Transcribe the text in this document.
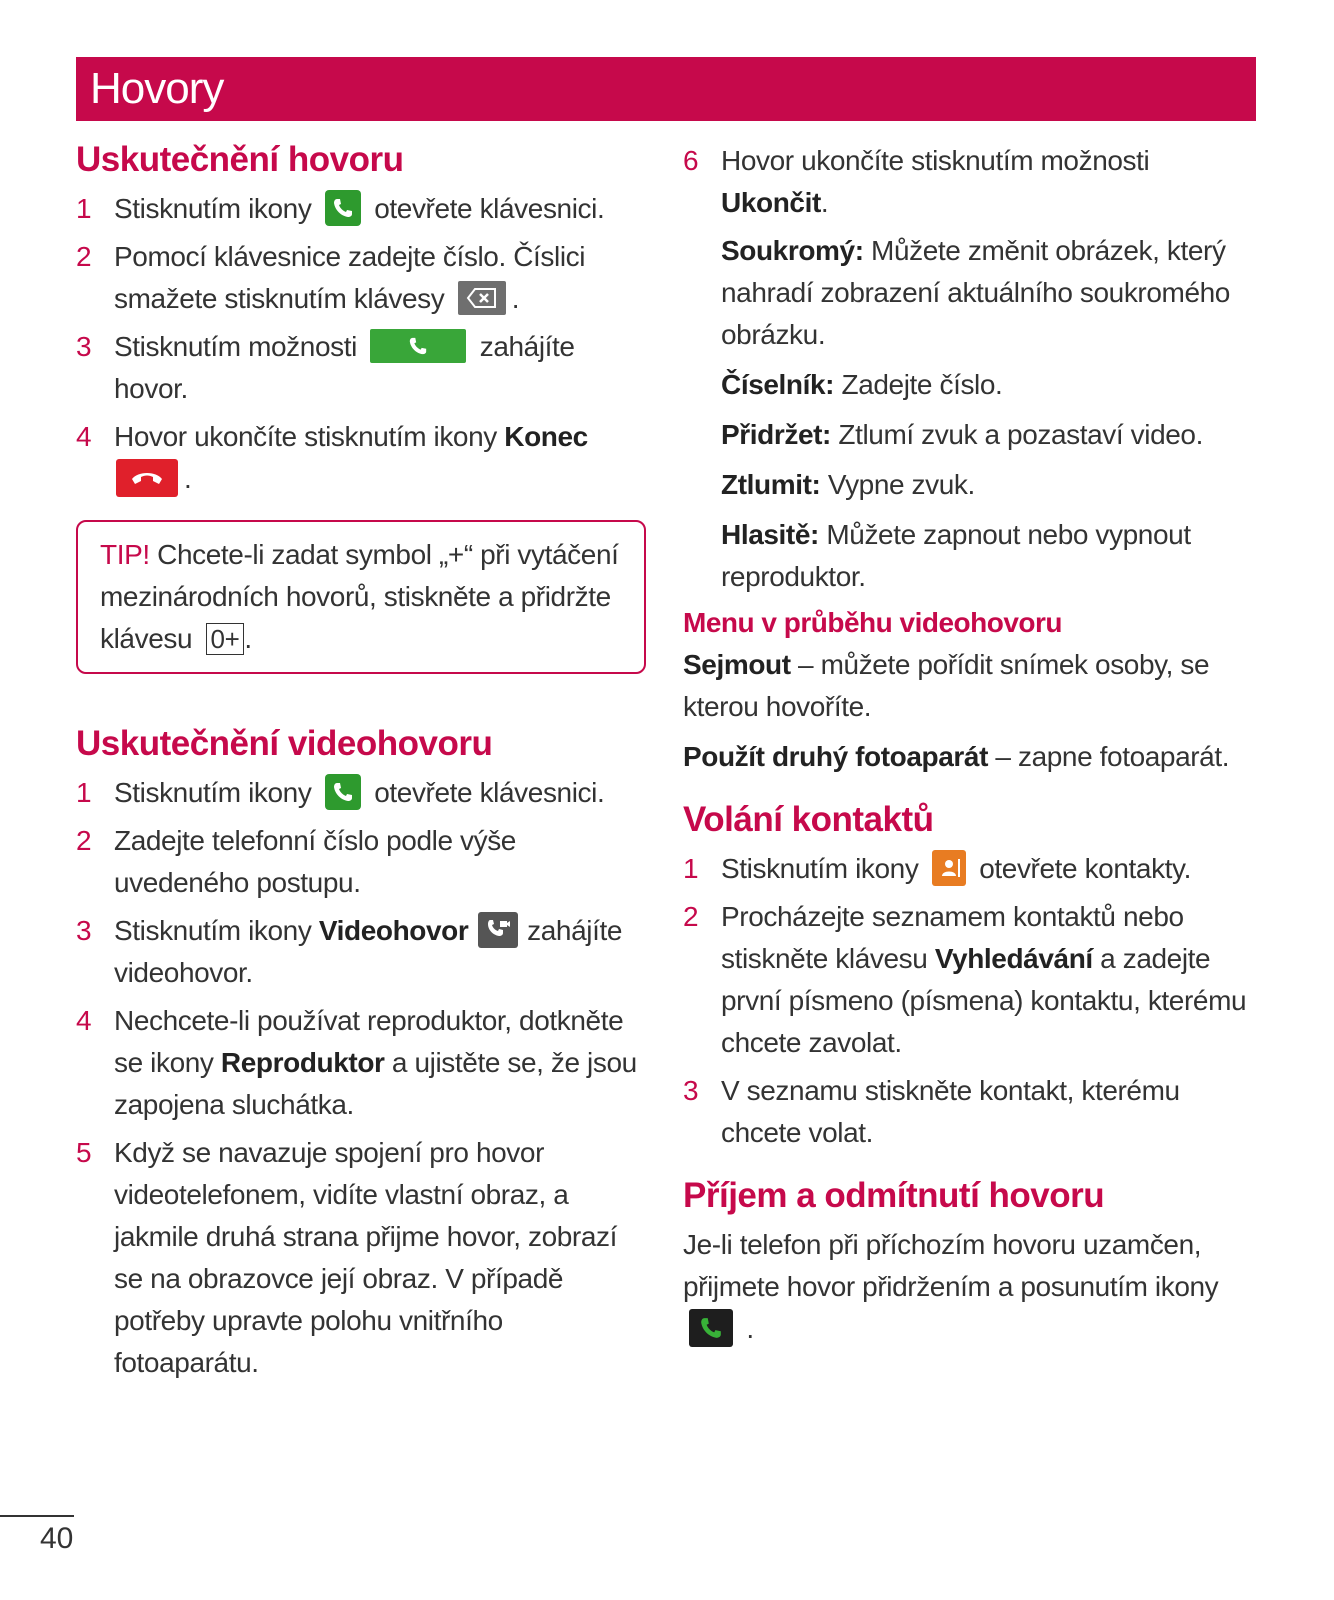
Hovory
Uskutečnění hovoru
1 Stisknutím ikony otevřete klávesnici.
2 Pomocí klávesnice zadejte číslo. Číslici smažete stisknutím klávesy .
3 Stisknutím možnosti	zahájíte hovor.
4 Hovor ukončíte stisknutím ikony Konec

.
TIP! Chcete-li zadat symbol „+“ při vytáčení mezinárodních hovorů, stiskněte a přidržte klávesu 0+ .
Uskutečnění videohovoru
1 Stisknutím ikony otevřete klávesnici.
2 Zadejte telefonní číslo podle výše uvedeného postupu.
3 Stisknutím ikony Videohovor zahájíte videohovor.
4 Nechcete-li používat reproduktor, dotkněte se ikony Reproduktor a ujistěte se, že jsou zapojena sluchátka.
5 Když se navazuje spojení pro hovor videotelefonem, vidíte vlastní obraz, a jakmile druhá strana přijme hovor, zobrazí se na obrazovce její obraz. V případě potřeby upravte polohu vnitřního fotoaparátu.
6 Hovor ukončíte stisknutím možnosti Ukončit.
Soukromý: Můžete změnit obrázek, který nahradí zobrazení aktuálního soukromého obrázku.
Číselník: Zadejte číslo.
Přidržet: Ztlumí zvuk a pozastaví video.
Ztlumit: Vypne zvuk.
Hlasitě: Můžete zapnout nebo vypnout reproduktor.
Menu v průběhu videohovoru
Sejmout – můžete pořídit snímek osoby, se kterou hovoříte.
Použít druhý fotoaparát – zapne fotoaparát.
Volání kontaktů
1 Stisknutím ikony otevřete kontakty.
2 Procházejte seznamem kontaktů nebo stiskněte klávesu Vyhledávání a zadejte první písmeno (písmena) kontaktu, kterému chcete zavolat.
3 V seznamu stiskněte kontakt, kterému chcete volat.
Příjem a odmítnutí hovoru
Je-li telefon při příchozím hovoru uzamčen, přijmete hovor přidržením a posunutím ikony
.
40
